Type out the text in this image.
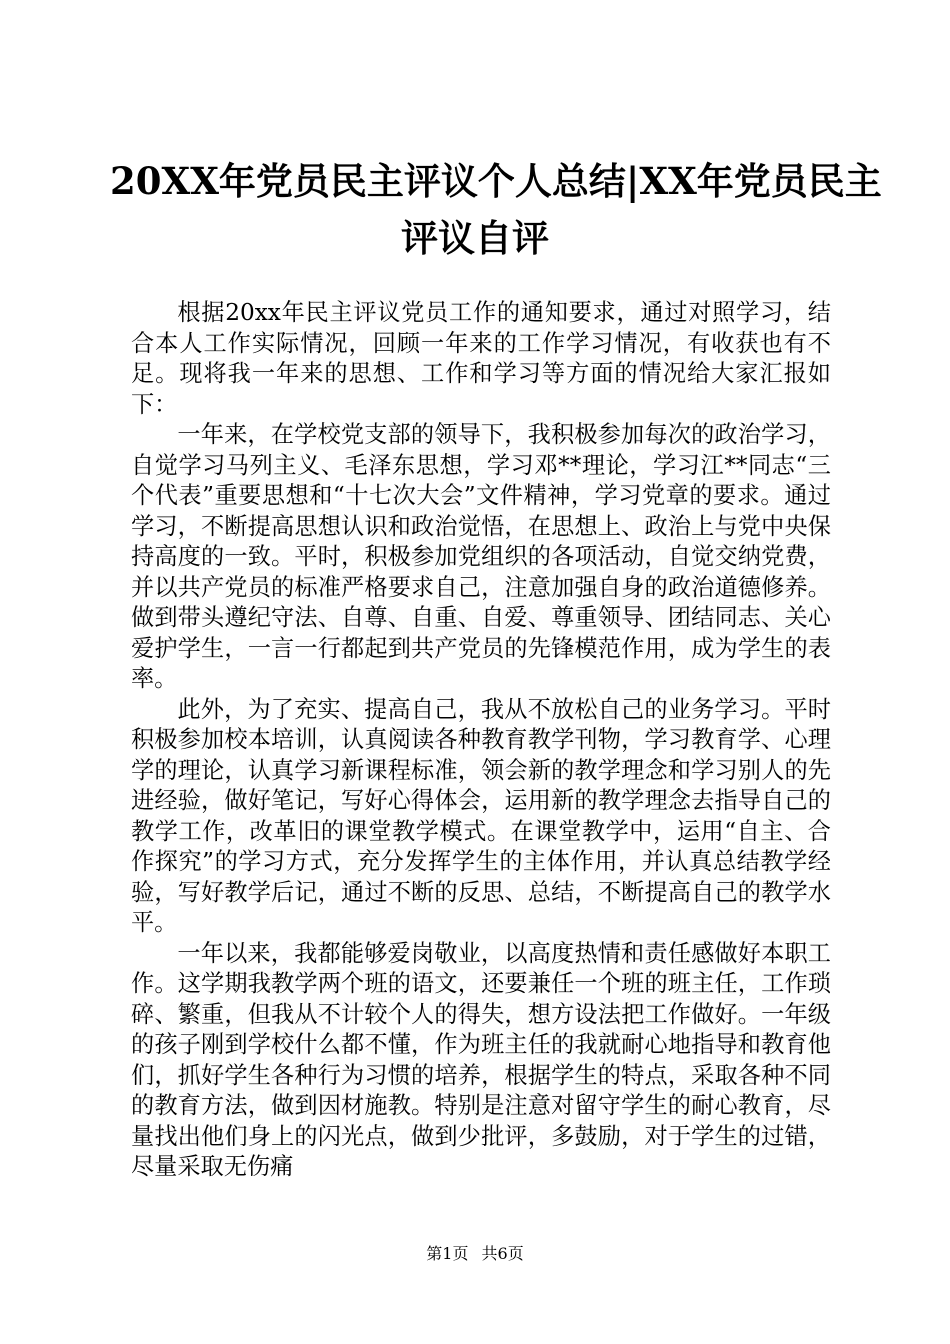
20XX年党员民主评议个人总结|XX年党员民主
评议自评

根据20xx年民主评议党员工作的通知要求，通过对照学习，结合本人工作实际情况，回顾一年来的工作学习情况，有收获也有不足。现将我一年来的思想、工作和学习等方面的情况给大家汇报如下：

一年来，在学校党支部的领导下，我积极参加每次的政治学习，自觉学习马列主义、毛泽东思想，学习邓**理论，学习江**同志“三个代表”重要思想和“十七次大会”文件精神，学习党章的要求。通过学习，不断提高思想认识和政治觉悟，在思想上、政治上与党中央保持高度的一致。平时，积极参加党组织的各项活动，自觉交纳党费，并以共产党员的标准严格要求自己，注意加强自身的政治道德修养。做到带头遵纪守法、自尊、自重、自爱、尊重领导、团结同志、关心爱护学生，一言一行都起到共产党员的先锋模范作用，成为学生的表率。

此外，为了充实、提高自己，我从不放松自己的业务学习。平时积极参加校本培训，认真阅读各种教育教学刊物，学习教育学、心理学的理论，认真学习新课程标准，领会新的教学理念和学习别人的先进经验，做好笔记，写好心得体会，运用新的教学理念去指导自己的教学工作，改革旧的课堂教学模式。在课堂教学中，运用“自主、合作探究”的学习方式，充分发挥学生的主体作用，并认真总结教学经验，写好教学后记，通过不断的反思、总结，不断提高自己的教学水平。

一年以来，我都能够爱岗敬业，以高度热情和责任感做好本职工作。这学期我教学两个班的语文，还要兼任一个班的班主任，工作琐碎、繁重，但我从不计较个人的得失，想方设法把工作做好。一年级的孩子刚到学校什么都不懂，作为班主任的我就耐心地指导和教育他们，抓好学生各种行为习惯的培养，根据学生的特点，采取各种不同的教育方法，做到因材施教。特别是注意对留守学生的耐心教育，尽量找出他们身上的闪光点，做到少批评，多鼓励，对于学生的过错，尽量采取无伤痛

第1页 共6页
